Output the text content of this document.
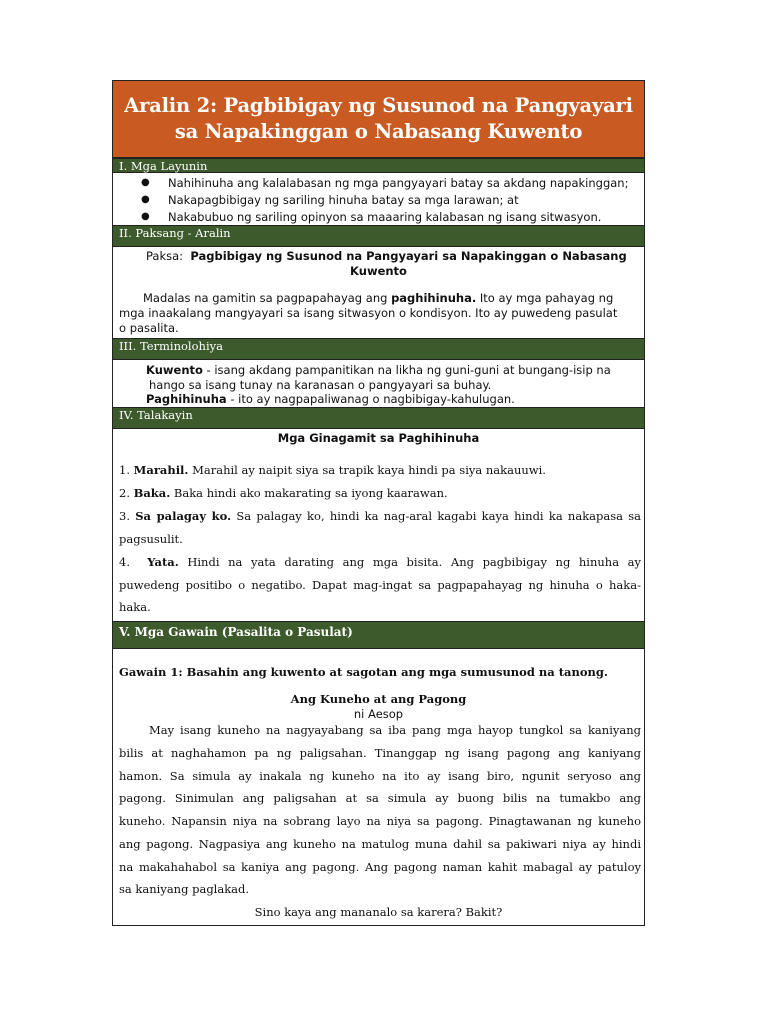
Aralin 2: Pagbibigay ng Susunod na Pangyayari
sa Napakinggan o Nabasang Kuwento
I. Mga Layunin
● Nahihinuha ang kalalabasan ng mga pangyayari batay sa akdang napakinggan;
● Nakapagbibigay ng sariling hinuha batay sa mga larawan; at
● Nakabubuo ng sariling opinyon sa maaaring kalabasan ng isang sitwasyon.
II. Paksang - Aralin
Paksa: Pagbibigay ng Susunod na Pangyayari sa Napakinggan o Nabasang
Kuwento
Madalas na gamitin sa pagpapahayag ang paghihinuha. Ito ay mga pahayag ng
mga inaakalang mangyayari sa isang sitwasyon o kondisyon. Ito ay puwedeng pasulat
o pasalita.
III. Terminolohiya
Kuwento - isang akdang pampanitikan na likha ng guni-guni at bungang-isip na
hango sa isang tunay na karanasan o pangyayari sa buhay.
Paghihinuha - ito ay nagpapaliwanag o nagbibigay-kahulugan.
IV. Talakayin
Mga Ginagamit sa Paghihinuha
1. Marahil. Marahil ay naipit siya sa trapik kaya hindi pa siya nakauuwi.
2. Baka. Baka hindi ako makarating sa iyong kaarawan.
3. Sa palagay ko. Sa palagay ko, hindi ka nag-aral kagabi kaya hindi ka nakapasa sa
pagsusulit.
4. Yata. Hindi na yata darating ang mga bisita. Ang pagbibigay ng hinuha ay
puwedeng positibo o negatibo. Dapat mag-ingat sa pagpapahayag ng hinuha o haka-
haka.
V. Mga Gawain (Pasalita o Pasulat)
Gawain 1: Basahin ang kuwento at sagotan ang mga sumusunod na tanong.
Ang Kuneho at ang Pagong
ni Aesop
May isang kuneho na nagyayabang sa iba pang mga hayop tungkol sa kaniyang
bilis at naghahamon pa ng paligsahan. Tinanggap ng isang pagong ang kaniyang
hamon. Sa simula ay inakala ng kuneho na ito ay isang biro, ngunit seryoso ang
pagong. Sinimulan ang paligsahan at sa simula ay buong bilis na tumakbo ang
kuneho. Napansin niya na sobrang layo na niya sa pagong. Pinagtawanan ng kuneho
ang pagong. Nagpasiya ang kuneho na matulog muna dahil sa pakiwari niya ay hindi
na makahahabol sa kaniya ang pagong. Ang pagong naman kahit mabagal ay patuloy
sa kaniyang paglakad.
Sino kaya ang mananalo sa karera? Bakit?
